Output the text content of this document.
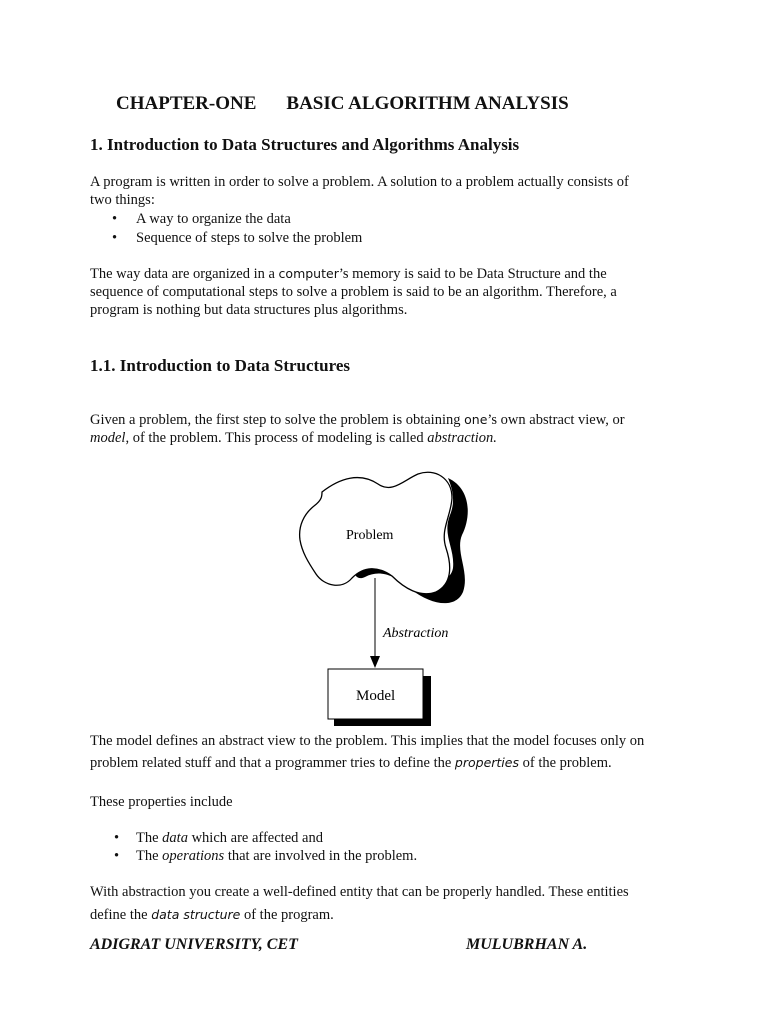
CHAPTER-ONE BASIC ALGORITHM ANALYSIS
1. Introduction to Data Structures and Algorithms Analysis
A program is written in order to solve a problem. A solution to a problem actually consists of
two things:
• A way to organize the data
• Sequence of steps to solve the problem
The way data are organized in a computer’s memory is said to be Data Structure and the
sequence of computational steps to solve a problem is said to be an algorithm. Therefore, a
program is nothing but data structures plus algorithms.
1.1. Introduction to Data Structures
Given a problem, the first step to solve the problem is obtaining one’s own abstract view, or
model, of the problem. This process of modeling is called abstraction.
Problem
Abstraction
Model
The model defines an abstract view to the problem. This implies that the model focuses only on
problem related stuff and that a programmer tries to define the properties of the problem.
These properties include
• The data which are affected and
• The operations that are involved in the problem.
With abstraction you create a well-defined entity that can be properly handled. These entities
define the data structure of the program.
ADIGRAT UNIVERSITY, CET	MULUBRHAN A.
